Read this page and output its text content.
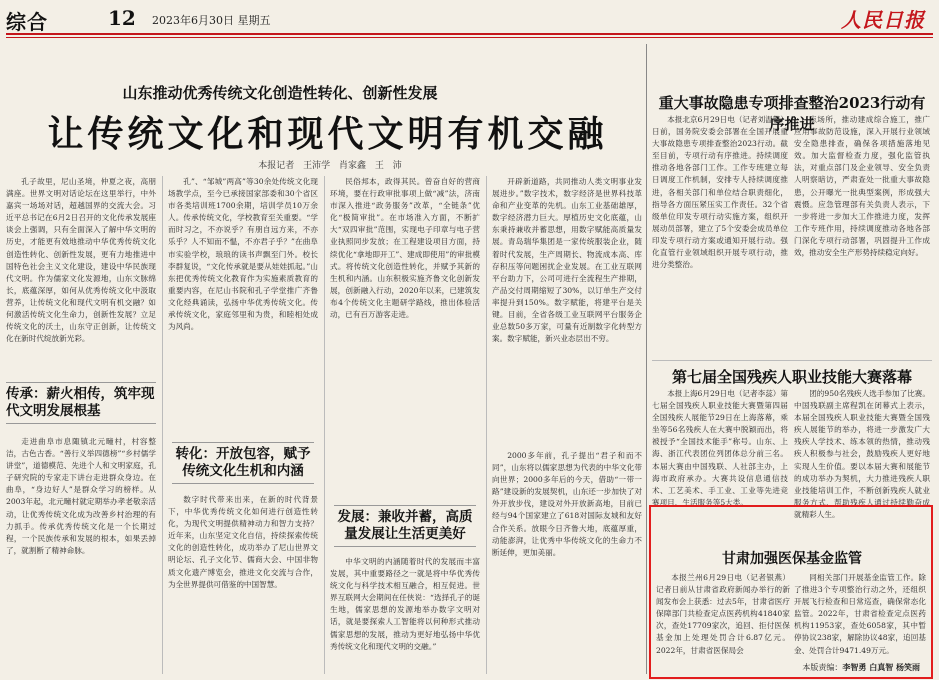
综合	12 2023年6月30日 星期五	人民日报
山东推动优秀传统文化创造性转化、创新性发展
让传统文化和现代文明有机交融
本报记者 王沛学 肖家鑫 王 沛

孔子故里，尼山圣境，仲夏之夜，高朋满座。世界文明对话论坛在这里举行，中外嘉宾一场场对话，超越国界的交流大会。习近平总书记在6月2日召开的文化传承发展座谈会上强调，只有全面深入了解中华文明的历史，才能更有效地推动中华优秀传统文化创造性转化、创新性发展，更有力地推进中国特色社会主义文化建设，建设中华民族现代文明。作为儒家文化发源地，山东文脉绵长，底蕴深厚，如何从优秀传统文化中汲取营养，让传统文化和现代文明有机交融？如何激活传统文化生命力，创新性发展？立足传统文化的沃土，山东守正创新，让传统文化在新时代绽放新光彩。

传承：薪火相传，筑牢现代文明发展根基

走进曲阜市息陬镇北元疃村，村容整洁，古色古香。“善行义举四德榜”“乡村儒学讲堂”，道德模范、先进个人和文明家庭，孔子研究院的专家走下讲台走进群众身边。在曲阜，“身边好人”是群众学习的榜样。从2003年起，北元疃村就定期举办孝老敬亲活动，让优秀传统文化成为改善乡村治理的有力抓手。传承优秀传统文化是一个长期过程，一个民族传承和发展的根本，如果丢掉了，就割断了精神命脉。

孔”、“邹城”两高”等30余处传统文化现场教学点，至今已承接国家部委和30个省区市各类培训班1700余期，培训学员10万余人。传承传统文化，学校教育至关重要。“学而时习之，不亦说乎？有朋自远方来，不亦乐乎？人不知而不愠，不亦君子乎？”在曲阜市实验学校，琅琅的读书声飘至门外。校长李群复说，“文化传承就是要从娃娃抓起。”山东把优秀传统文化教育作为实施素质教育的重要内容，在尼山书院和孔子学堂推广齐鲁文化经典诵读，弘扬中华优秀传统文化。传承传统文化，家庭邻里和为贵，和睦相处成为风尚。

转化：开放包容，赋予传统文化生机和内涵

数字时代带来出来，在新的时代背景下，中华优秀传统文化如何进行创造性转化，为现代文明提供精神动力和智力支持？近年来，山东坚定文化自信，持续探索传统文化的创造性转化，成功举办了尼山世界文明论坛、孔子文化节、儒商大会、中国非物质文化遗产博览会，推进文化交流与合作，为全世界提供可借鉴的中国智慧。

民俗邦本，政得其民。曾奋自好的营商环境，要在行政审批事项上做“减”法，济南市深入推进“政务服务”改革，“全链条”优化“极简审批”。在市场准入方面，不断扩大“双四审批”范围，实现电子印章与电子营业执照同步发放；在工程建设项目方面，持续优化“拿地即开工”、建成即使用”的审批模式。将传统文化创造性转化，并赋予其新的生机和内涵。山东积极实施齐鲁文化创新发展，创新融入行动，2020年以来，已建筑发布4个传统文化主题研学路线，推出体验活动，已有百万游客走进。

发展：兼收并蓄，高质量发展让生活更美好

中华文明的内涵随着时代的发展而丰富发展，其中重要路径之一就是将中华优秀传统文化与科学技术相互融合，相互促进。世界互联网大会期间在任侠说：“选择孔子的诞生地，儒家思想的发源地举办数字文明对话，就是要探索人工智能将以何种形式推动儒家思想的发展，推动为更好地弘扬中华优秀传统文化和现代文明的交融。”

开辟新道路，共同推动人类文明事业发展进步。”数字技术，数字经济是世界科技革命和产业变革的先机。山东工业基础雄厚，数字经济潜力巨大。厚植历史文化底蕴，山东秉持兼收并蓄思想，用数字赋能高质量发展。青岛瑞华集团是一家传统服装企业，随着时代发展，生产周期长、物流成本高、库存积压等问题困扰企业发展。在工业互联网平台助力下，公司可进行全流程生产排期，产品交付周期缩短了30%，以订单生产交付率提升到150%。数字赋能，将建平台是关键。目前，全省各级工业互联网平台服务企业总数50多万家，可量有近制数字化转型方案。数字赋能，新兴业态层出不穷。

2000多年前，孔子提出“君子和而不同”，山东将以儒家思想为代表的中华文化带向世界；2000多年后的今天，借助“一带一路”建设新的发展契机，山东还一步加快了对外开放步伐，建设对外开放新高地，目前已经与94个国家建立了618对国际友城和友好合作关系。放眼今日齐鲁大地，底蕴厚重，动能澎湃，让优秀中华传统文化的生命力不断延伸，更加美丽。

重大事故隐患专项排查整治2023行动有序推进

本报北京6月29日电（记者刘温馨）日前，国务院安委会部署在全国开展重大事故隐患专项排查整治2023行动。截至目前，专项行动有序推进。持续调度推动各地各部门工作。工作专班建立每日调度工作机制，安排专人持续调度推进，各相关部门和单位结合职责细化，指导各方面压紧压实工作责任。32个省级单位印发专项行动实施方案，组织开展动员部署，建立了5个安委会成员单位印发专项行动方案或通知开展行动。强化直管行业领域组织开展专项行动，推进分类整治。

点场所，推动建成综合施工，推广应用事故防范设施，深入开展行业领域安全隐患排查，确保各项措施落地见效。加大监督检查力度，强化监管执法，对重点部门及企业领导、安全负责人明察暗访，严肃查处一批重大事故隐患，公开曝光一批典型案例，形成强大震慑。应急管理部有关负责人表示，下一步将进一步加大工作推进力度，发挥工作专班作用，持续调度推动各地各部门深化专项行动部署，巩固提升工作成效，推动安全生产形势持续稳定向好。

第七届全国残疾人职业技能大赛落幕

本报上海6月29日电（记者李蕊）第七届全国残疾人职业技能大赛暨第四届全国残疾人展能节29日在上海落幕，乘坐等56名残疾人在大赛中脱颖而出，将被授予“全国技术能手”称号。山东、上海、浙江代表团位列团体总分前三名。本届大赛由中国残联、人社部主办，上海市政府承办。大赛共设信息通信技术、工艺美术、手工业、工业等先进竞赛项目，生活服务等5大类。

团的950名残疾人选手参加了比赛。中国残联副主席程凯在闭幕式上表示，本届全国残疾人职业技能大赛暨全国残疾人展能节的举办，将进一步激发广大残疾人学技术、练本领的热情，推动残疾人积极参与社会，鼓励残疾人更好地实现人生价值。要以本届大赛和展能节的成功举办为契机，大力推进残疾人职业技能培训工作，不断创新残疾人就业服务方式，帮助残疾人通过持续勤奋成就精彩人生。

甘肃加强医保基金监管

本报兰州6月29日电（记者银燕）记者日前从甘肃省政府新闻办举行的新闻发布会上获悉：过去5年，甘肃省医疗保障部门共检查定点医药机构41840家次，查处17709家次，追回、拒付医保基金加上处理处罚合计6.87亿元。2022年，甘肃省医保局会

同相关部门开展基金监管工作。除了推进3个专项整治行动之外，还组织开展飞行检查和日常巡查，确保常态化监管。2022年，甘肃省检查定点医药机构11953家，查处6058家，其中暂停协议238家，解除协议48家，追回基金、处罚合计9471.49万元。

本版责编：李智勇 白真智 杨笑雨
